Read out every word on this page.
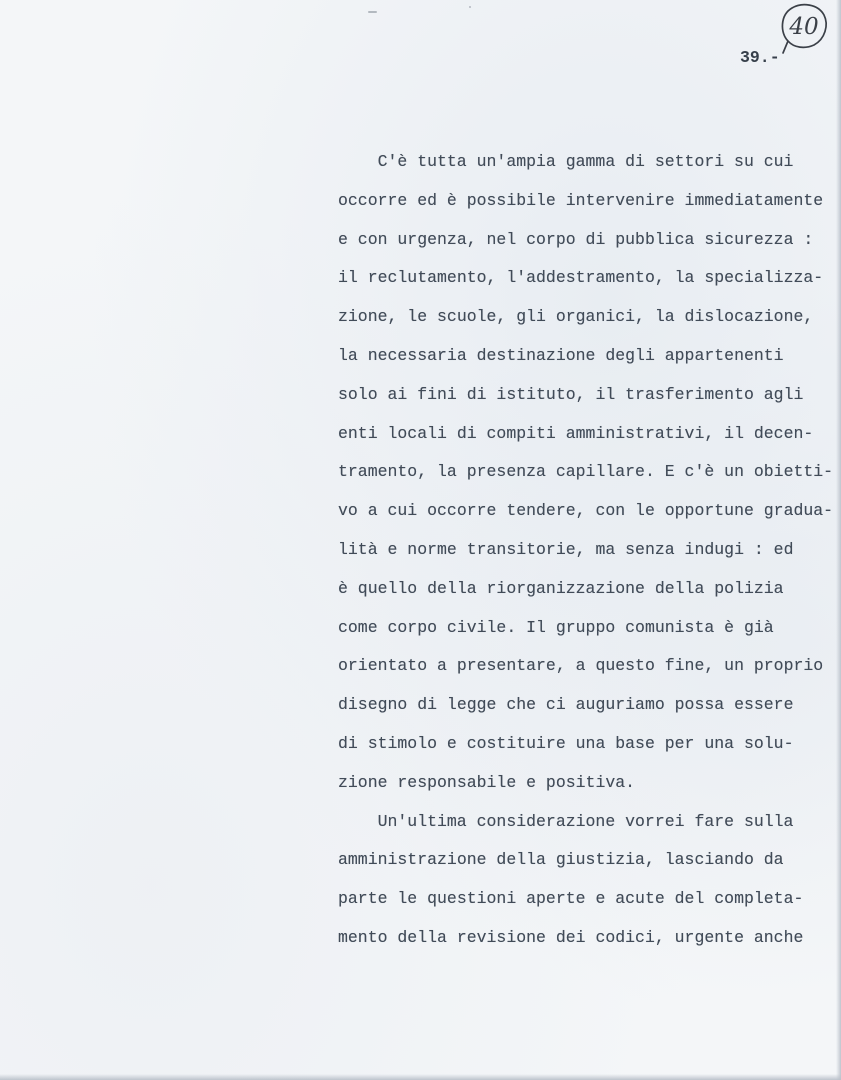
40
39.-
C'è tutta un'ampia gamma di settori su cui
occorre ed è possibile intervenire immediatamente
e con urgenza, nel corpo di pubblica sicurezza :
il reclutamento, l'addestramento, la specializza-
zione, le scuole, gli organici, la dislocazione,
la necessaria destinazione degli appartenenti
solo ai fini di istituto, il trasferimento agli
enti locali di compiti amministrativi, il decen-
tramento, la presenza capillare. E c'è un obietti-
vo a cui occorre tendere, con le opportune gradua-
lità e norme transitorie, ma senza indugi : ed
è quello della riorganizzazione della polizia
come corpo civile. Il gruppo comunista è già
orientato a presentare, a questo fine, un proprio
disegno di legge che ci auguriamo possa essere
di stimolo e costituire una base per una solu-
zione responsabile e positiva.
Un'ultima considerazione vorrei fare sulla
amministrazione della giustizia, lasciando da
parte le questioni aperte e acute del completa-
mento della revisione dei codici, urgente anche
